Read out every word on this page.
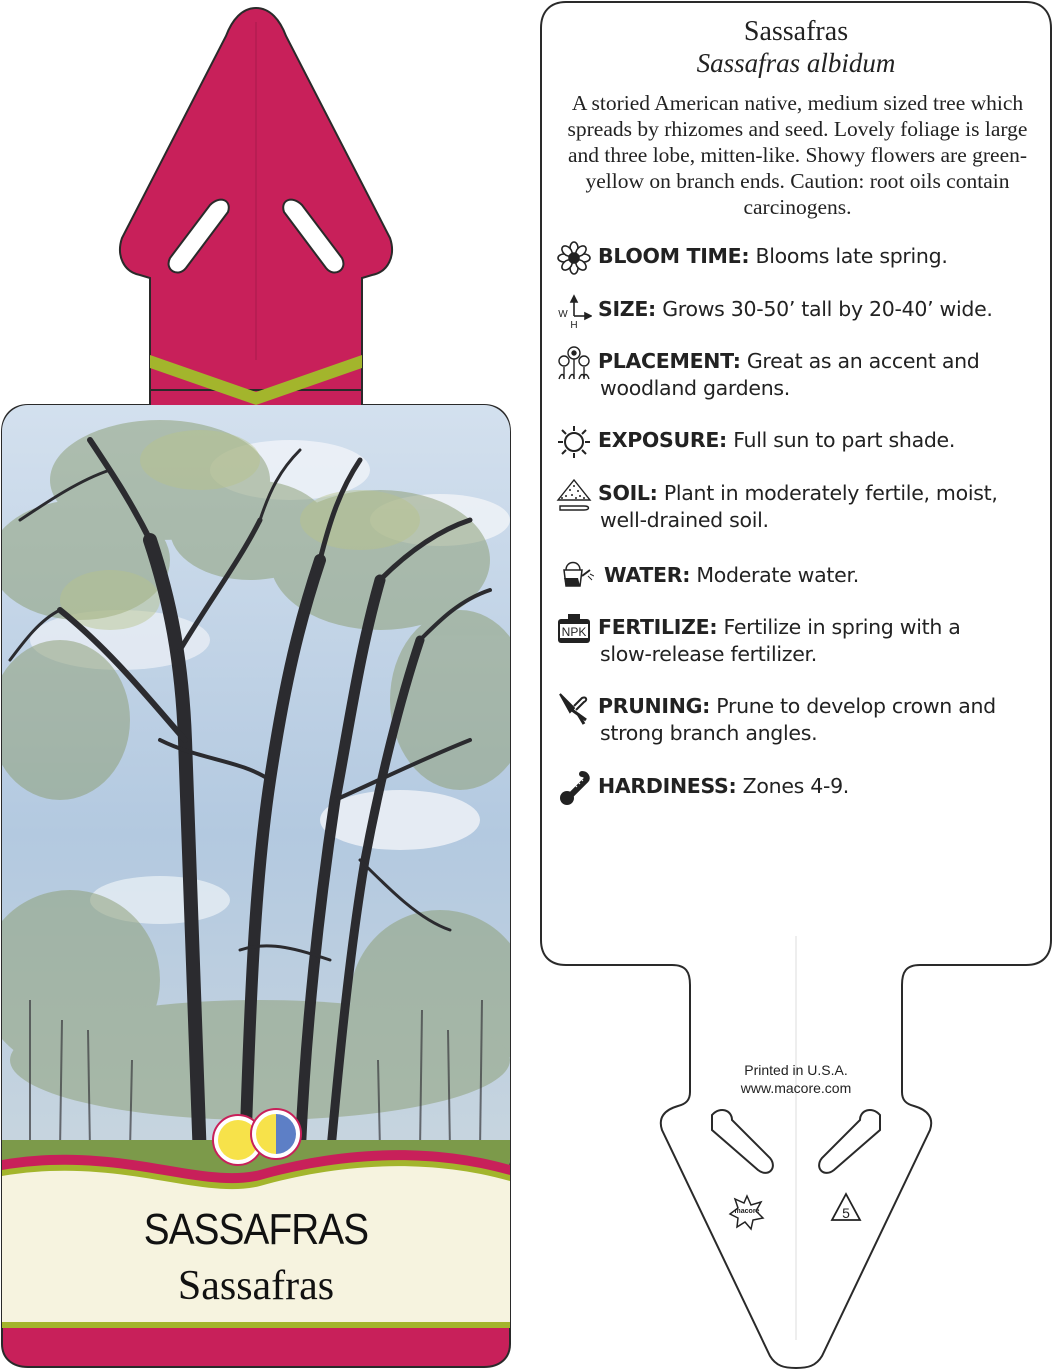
SASSAFRAS
Sassafras
macore	5
Sassafras
Sassafras albidum
A storied American native, medium sized tree which spreads by rhizomes and seed. Lovely foliage is large and three lobe, mitten-like. Showy flowers are green-yellow on branch ends. Caution: root oils contain carcinogens.
BLOOM TIME: Blooms late spring.
W
H
SIZE: Grows 30-50’ tall by 20-40’ wide.
PLACEMENT: Great as an accent and
woodland gardens.
EXPOSURE: Full sun to part shade.
SOIL: Plant in moderately fertile, moist,
well-drained soil.
WATER: Moderate water.
NPK FERTILIZE: Fertilize in spring with a
slow-release fertilizer.
PRUNING: Prune to develop crown and
strong branch angles.
HARDINESS: Zones 4-9.
Printed in U.S.A.
www.macore.com
